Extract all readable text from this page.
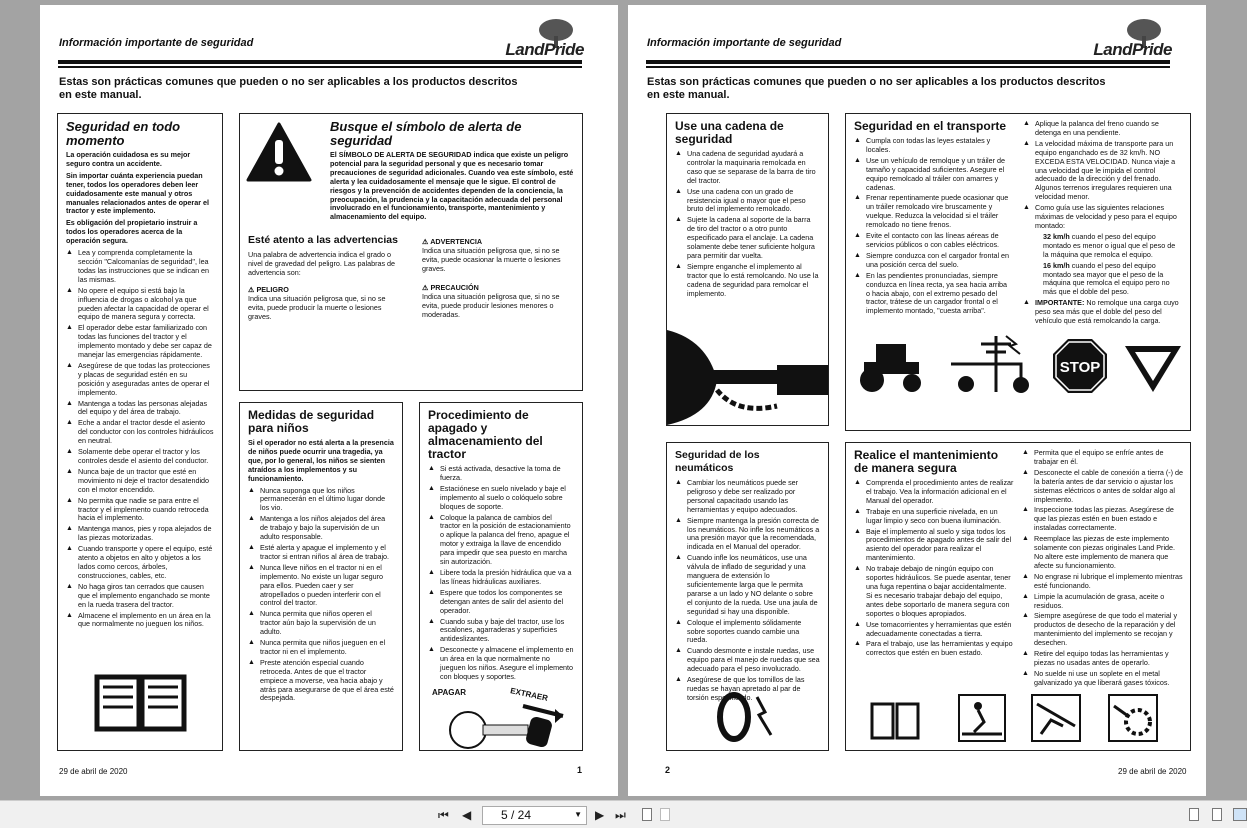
Información importante de seguridad	LandPride
Estas son prácticas comunes que pueden o no ser aplicables a los productos descritos en este manual.
Seguridad en todo momento

La operación cuidadosa es su mejor seguro contra un accidente.

Sin importar cuánta experiencia puedan tener, todos los operadores deben leer cuidadosamente este manual y otros manuales relacionados antes de operar el tractor y este implemento.

Es obligación del propietario instruir a todos los operadores acerca de la operación segura.

▲ Lea y comprenda completamente la sección "Calcomanías de seguridad", lea todas las instrucciones que se indican en las mismas.
▲ No opere el equipo si está bajo la influencia de drogas o alcohol ya que pueden afectar la capacidad de operar el equipo de manera segura y correcta.
▲ El operador debe estar familiarizado con todas las funciones del tractor y el implemento montado y debe ser capaz de manejar las emergencias rápidamente.
▲ Asegúrese de que todas las protecciones y placas de seguridad estén en su posición y aseguradas antes de operar el implemento.
▲ Mantenga a todas las personas alejadas del equipo y del área de trabajo.
▲ Eche a andar el tractor desde el asiento del conductor con los controles hidráulicos en neutral.
▲ Solamente debe operar el tractor y los controles desde el asiento del conductor.
▲ Nunca baje de un tractor que esté en movimiento ni deje el tractor desatendido con el motor encendido.
▲ No permita que nadie se para entre el tractor y el implemento cuando retroceda hacia el implemento.
▲ Mantenga manos, pies y ropa alejados de las piezas motorizadas.
▲ Cuando transporte y opere el equipo, esté atento a objetos en alto y objetos a los lados como cercos, árboles, construcciones, cables, etc.
▲ No haga giros tan cerrados que causen que el implemento enganchado se monte en la rueda trasera del tractor.
▲ Almacene el implemento en un área en la que normalmente no jueguen los niños.
Busque el símbolo de alerta de seguridad

El SÍMBOLO DE ALERTA DE SEGURIDAD indica que existe un peligro potencial para la seguridad personal y que es necesario tomar precauciones de seguridad adicionales. Cuando vea este símbolo, esté alerta y lea cuidadosamente el mensaje que le sigue. El control de riesgos y la prevención de accidentes dependen de la conciencia, la preocupación, la prudencia y la capacitación adecuada del personal involucrado en el funcionamiento, transporte, mantenimiento y almacenamiento del equipo.

Esté atento a las advertencias

Una palabra de advertencia indica el grado o nivel de gravedad del peligro. Las palabras de advertencia son:

⚠ PELIGRO

Indica una situación peligrosa que, si no se evita, puede producir la muerte o lesiones graves.

⚠ ADVERTENCIA

Indica una situación peligrosa que, si no se evita, puede ocasionar la muerte o lesiones graves.

⚠ PRECAUCIÓN

Indica una situación peligrosa que, si no se evita, puede producir lesiones menores o moderadas.

Medidas de seguridad para niños

Si el operador no está alerta a la presencia de niños puede ocurrir una tragedia, ya que, por lo general, los niños se sienten atraídos a los implementos y su funcionamiento.

▲ Nunca suponga que los niños permanecerán en el último lugar donde los vio.
▲ Mantenga a los niños alejados del área de trabajo y bajo la supervisión de un adulto responsable.
▲ Esté alerta y apague el implemento y el tractor si entran niños al área de trabajo.
▲ Nunca lleve niños en el tractor ni en el implemento. No existe un lugar seguro para ellos. Pueden caer y ser atropellados o pueden interferir con el control del tractor.
▲ Nunca permita que niños operen el tractor aún bajo la supervisión de un adulto.
▲ Nunca permita que niños jueguen en el tractor ni en el implemento.
▲ Preste atención especial cuando retroceda. Antes de que el tractor empiece a moverse, vea hacia abajo y atrás para asegurarse de que el área esté despejada.
Procedimiento de apagado y almacenamiento del tractor
▲ Si está activada, desactive la toma de fuerza.
▲ Estaciónese en suelo nivelado y baje el implemento al suelo o colóquelo sobre bloques de soporte.
▲ Coloque la palanca de cambios del tractor en la posición de estacionamiento o aplique la palanca del freno, apague el motor y extraiga la llave de encendido para impedir que sea puesto en marcha sin autorización.
▲ Libere toda la presión hidráulica que va a las líneas hidráulicas auxiliares.
▲ Espere que todos los componentes se detengan antes de salir del asiento del operador.
▲ Cuando suba y baje del tractor, use los escalones, agarraderas y superficies antideslizantes.
▲ Desconecte y almacene el implemento en un área en la que normalmente no jueguen los niños. Asegure el implemento con bloques y soportes.
APAGAR	EXTRAER
29 de abril de 2020	1
Información importante de seguridad	LandPride
Estas son prácticas comunes que pueden o no ser aplicables a los productos descritos en este manual.
Use una cadena de seguridad
▲ Una cadena de seguridad ayudará a controlar la maquinaria remolcada en caso que se separase de la barra de tiro del tractor.
▲ Use una cadena con un grado de resistencia igual o mayor que el peso bruto del implemento remolcado.
▲ Sujete la cadena al soporte de la barra de tiro del tractor o a otro punto especificado para el anclaje. La cadena solamente debe tener suficiente holgura para permitir dar vuelta.
▲ Siempre enganche el implemento al tractor que lo está remolcando. No use la cadena de seguridad para remolcar el implemento.
Seguridad en el transporte
▲ Cumpla con todas las leyes estatales y locales.
▲ Use un vehículo de remolque y un tráiler de tamaño y capacidad suficientes. Asegure el equipo remolcado al tráiler con amarres y cadenas.
▲ Frenar repentinamente puede ocasionar que un tráiler remolcado vire bruscamente y vuelque. Reduzca la velocidad si el tráiler remolcado no tiene frenos.
▲ Evite el contacto con las líneas aéreas de servicios públicos o con cables eléctricos.
▲ Siempre conduzca con el cargador frontal en una posición cerca del suelo.
▲ En las pendientes pronunciadas, siempre conduzca en línea recta, ya sea hacia arriba o hacia abajo, con el extremo pesado del tractor, trátese de un cargador frontal o el implemento montado, "cuesta arriba".
▲ Aplique la palanca del freno cuando se detenga en una pendiente.
▲ La velocidad máxima de transporte para un equipo enganchado es de 32 km/h. NO EXCEDA ESTA VELOCIDAD. Nunca viaje a una velocidad que le impida el control adecuado de la dirección y del frenado. Algunos terrenos irregulares requieren una velocidad menor.
▲ Como guía use las siguientes relaciones máximas de velocidad y peso para el equipo montado:

32 km/h cuando el peso del equipo montado es menor o igual que el peso de la máquina que remolca el equipo.

16 km/h cuando el peso del equipo montado sea mayor que el peso de la máquina que remolca el equipo pero no más que el doble del peso.

▲ IMPORTANTE: No remolque una carga cuyo peso sea más que el doble del peso del vehículo que está remolcando la carga.
STOP
Seguridad de los neumáticos
▲ Cambiar los neumáticos puede ser peligroso y debe ser realizado por personal capacitado usando las herramientas y equipo adecuados.
▲ Siempre mantenga la presión correcta de los neumáticos. No infle los neumáticos a una presión mayor que la recomendada, indicada en el Manual del operador.
▲ Cuando infle los neumáticos, use una válvula de inflado de seguridad y una manguera de extensión lo suficientemente larga que le permita pararse a un lado y NO delante o sobre el conjunto de la rueda. Use una jaula de seguridad si hay una disponible.
▲ Coloque el implemento sólidamente sobre soportes cuando cambie una rueda.
▲ Cuando desmonte e instale ruedas, use equipo para el manejo de ruedas que sea adecuado para el peso involucrado.
▲ Asegúrese de que los tornillos de las ruedas se hayan apretado al par de torsión especificado.
Realice el mantenimiento de manera segura
▲ Comprenda el procedimiento antes de realizar el trabajo. Vea la información adicional en el Manual del operador.
▲ Trabaje en una superficie nivelada, en un lugar limpio y seco con buena iluminación.
▲ Baje el implemento al suelo y siga todos los procedimientos de apagado antes de salir del asiento del operador para realizar el mantenimiento.
▲ No trabaje debajo de ningún equipo con soportes hidráulicos. Se puede asentar, tener una fuga repentina o bajar accidentalmente. Si es necesario trabajar debajo del equipo, antes debe soportarlo de manera segura con soportes o bloques apropiados.
▲ Use tomacorrientes y herramientas que estén adecuadamente conectadas a tierra.
▲ Para el trabajo, use las herramientas y equipo correctos que estén en buen estado.
▲ Permita que el equipo se enfríe antes de trabajar en él.
▲ Desconecte el cable de conexión a tierra (-) de la batería antes de dar servicio o ajustar los sistemas eléctricos o antes de soldar algo al implemento.
▲ Inspeccione todas las piezas. Asegúrese de que las piezas estén en buen estado e instaladas correctamente.
▲ Reemplace las piezas de este implemento solamente con piezas originales Land Pride. No altere este implemento de manera que afecte su funcionamiento.
▲ No engrase ni lubrique el implemento mientras esté funcionando.
▲ Limpie la acumulación de grasa, aceite o residuos.
▲ Siempre asegúrese de que todo el material y productos de desecho de la reparación y del mantenimiento del implemento se recojan y desechen.
▲ Retire del equipo todas las herramientas y piezas no usadas antes de operarlo.
▲ No suelde ni use un soplete en el metal galvanizado ya que liberará gases tóxicos.
2	29 de abril de 2020
⏮ ◀	5 / 24	▼ ▶ ⏭
